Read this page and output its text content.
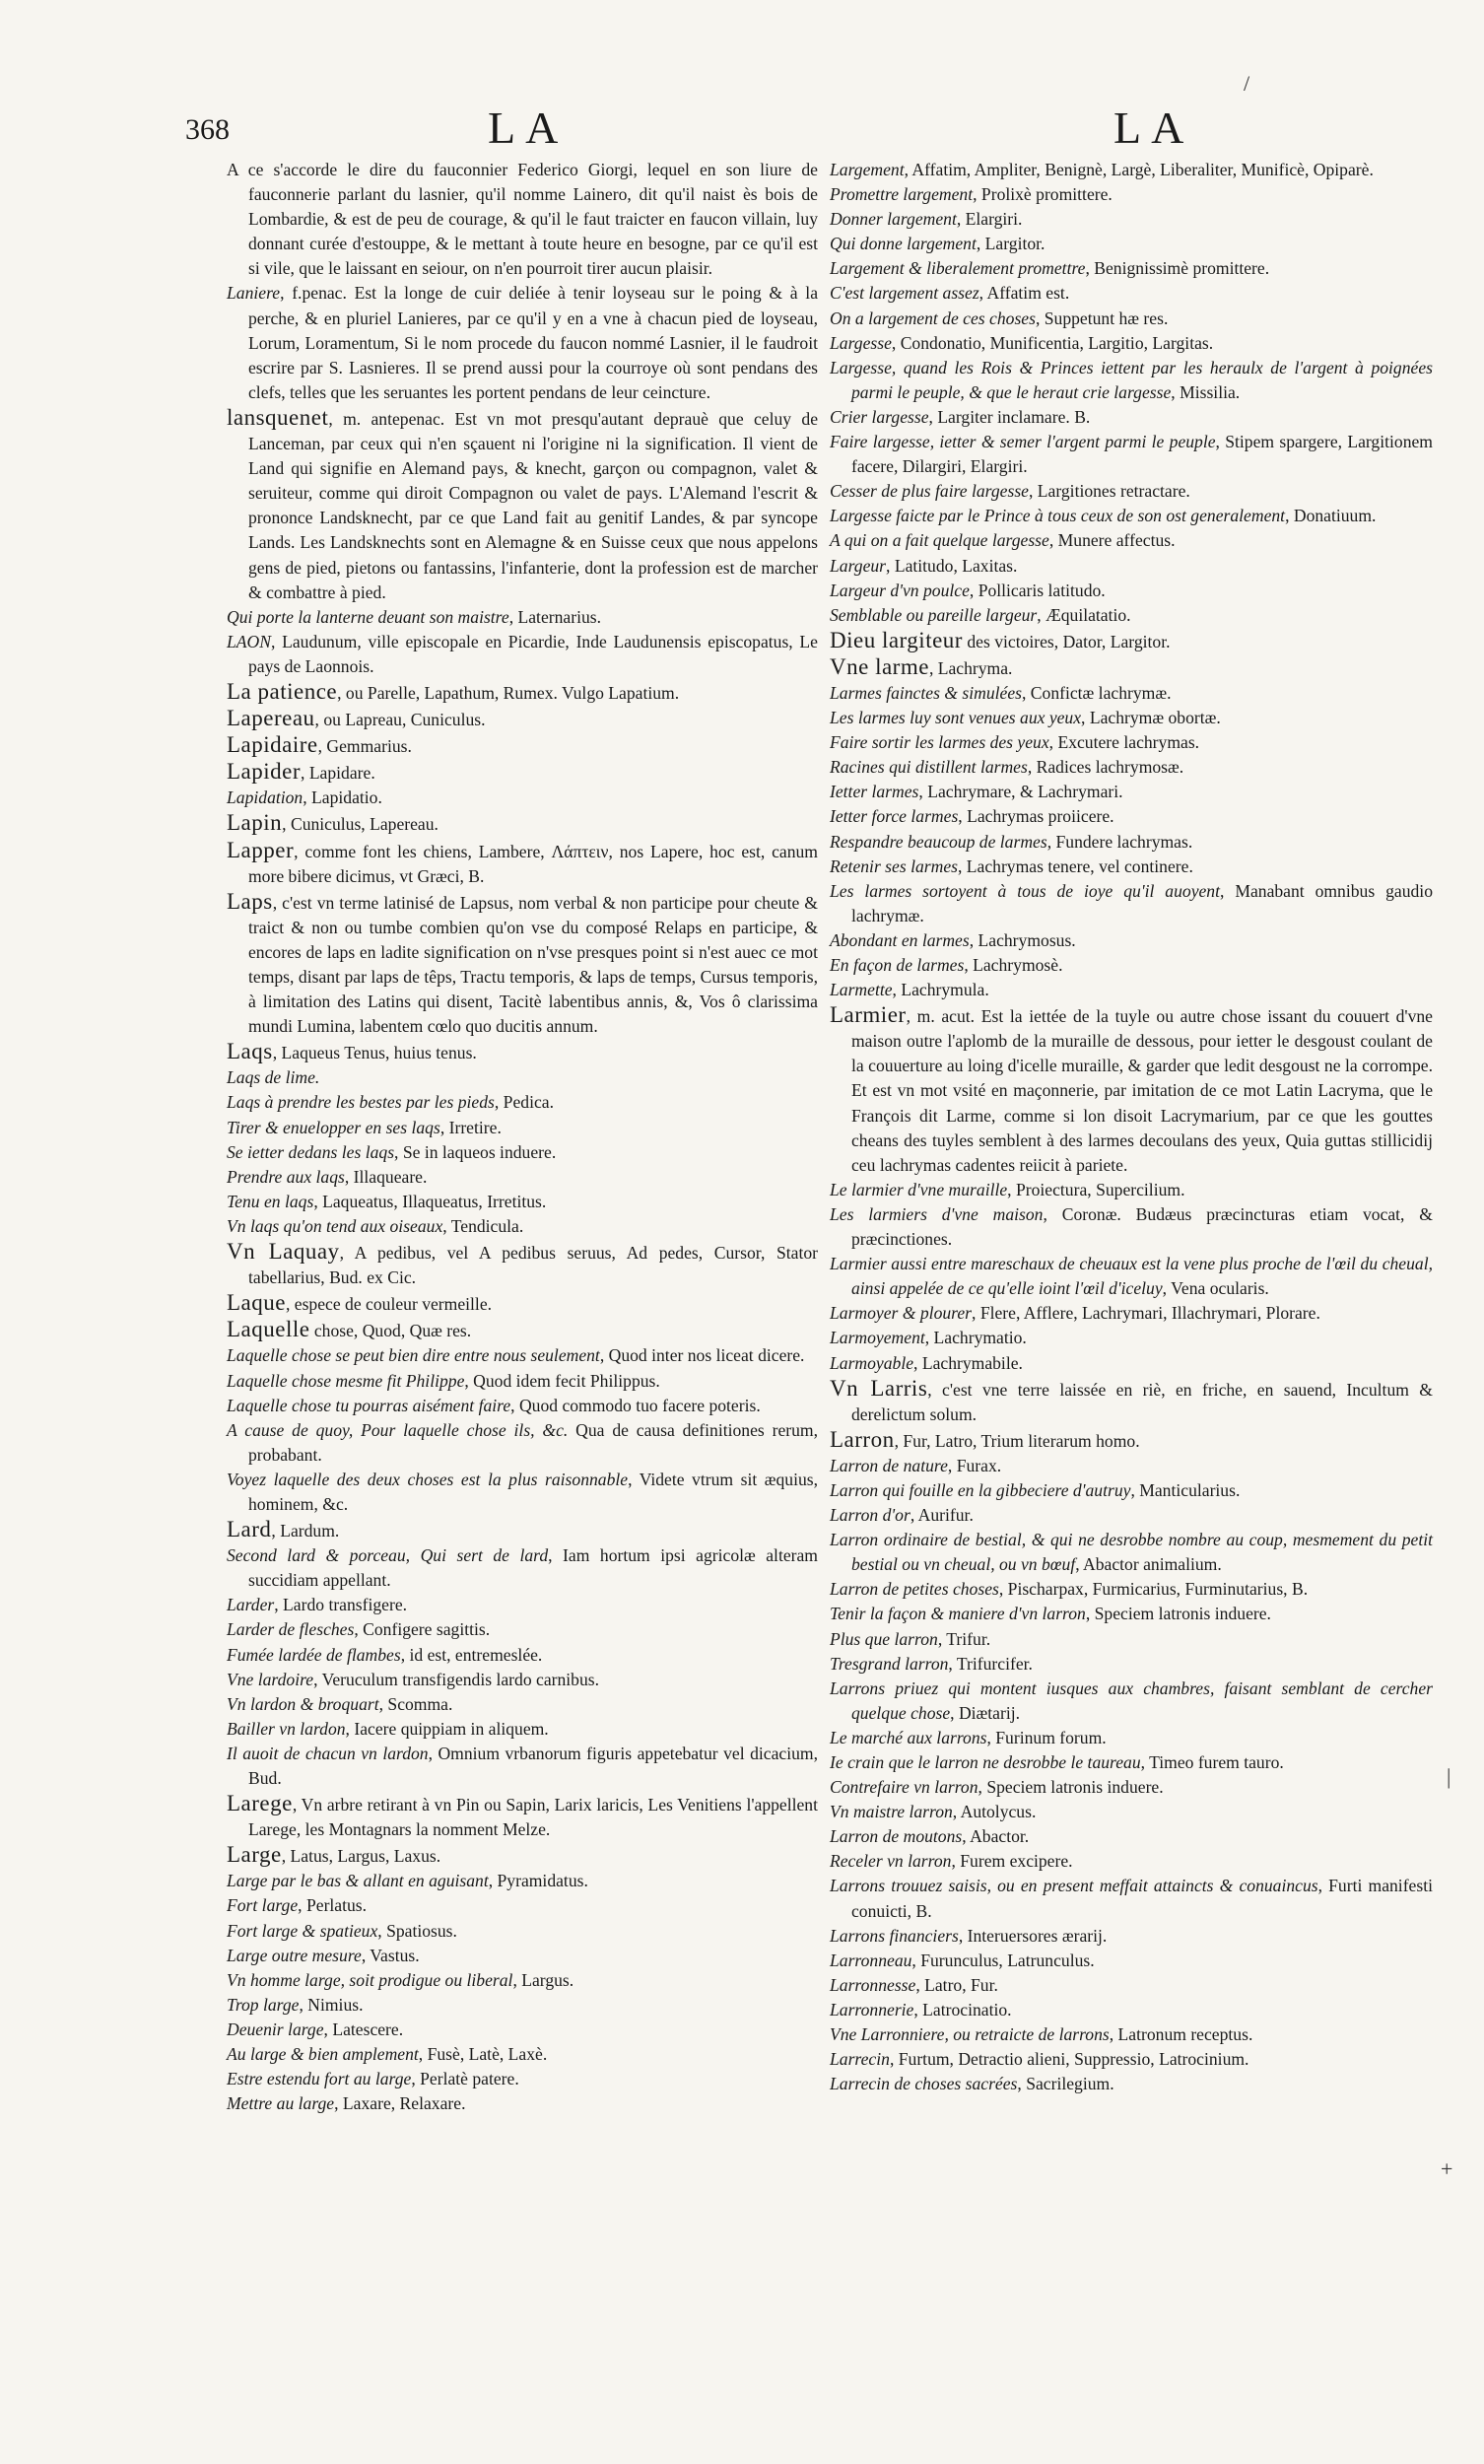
368	LA	LA
/
|
+

A ce s'accorde le dire du fauconnier Federico Giorgi, lequel en son liure de fauconnerie parlant du lasnier, qu'il nomme Lainero, dit qu'il naist ès bois de Lombardie, & est de peu de courage, & qu'il le faut traicter en faucon villain, luy donnant curée d'estouppe, & le mettant à toute heure en besogne, par ce qu'il est si vile, que le laissant en seiour, on n'en pourroit tirer aucun plaisir.

Laniere, f.penac. Est la longe de cuir deliée à tenir loyseau sur le poing & à la perche, & en pluriel Lanieres, par ce qu'il y en a vne à chacun pied de loyseau, Lorum, Loramentum, Si le nom procede du faucon nommé Lasnier, il le faudroit escrire par S. Lasnieres. Il se prend aussi pour la courroye où sont pendans des clefs, telles que les seruantes les portent pendans de leur ceincture.

lansquenet, m. antepenac. Est vn mot presqu'autant deprauè que celuy de Lanceman, par ceux qui n'en sçauent ni l'origine ni la signification. Il vient de Land qui signifie en Alemand pays, & knecht, garçon ou compagnon, valet & seruiteur, comme qui diroit Compagnon ou valet de pays. L'Alemand l'escrit & prononce Landsknecht, par ce que Land fait au genitif Landes, & par syncope Lands. Les Landsknechts sont en Alemagne & en Suisse ceux que nous appelons gens de pied, pietons ou fantassins, l'infanterie, dont la profession est de marcher & combattre à pied.

Qui porte la lanterne deuant son maistre, Laternarius.

LAON, Laudunum, ville episcopale en Picardie, Inde Laudunensis episcopatus, Le pays de Laonnois.

La patience, ou Parelle, Lapathum, Rumex. Vulgo Lapatium.

Lapereau, ou Lapreau, Cuniculus.

Lapidaire, Gemmarius.

Lapider, Lapidare.

Lapidation, Lapidatio.

Lapin, Cuniculus, Lapereau.

Lapper, comme font les chiens, Lambere, Λάπτειν, nos Lapere, hoc est, canum more bibere dicimus, vt Græci, B.

Laps, c'est vn terme latinisé de Lapsus, nom verbal & non participe pour cheute & traict & non ou tumbe combien qu'on vse du composé Relaps en participe, & encores de laps en ladite signification on n'vse presques point si n'est auec ce mot temps, disant par laps de têps, Tractu temporis, & laps de temps, Cursus temporis, à limitation des Latins qui disent, Tacitè labentibus annis, &, Vos ô clarissima mundi Lumina, labentem cœlo quo ducitis annum.

Laqs, Laqueus Tenus, huius tenus.

Laqs de lime.

Laqs à prendre les bestes par les pieds, Pedica.

Tirer & enuelopper en ses laqs, Irretire.

Se ietter dedans les laqs, Se in laqueos induere.

Prendre aux laqs, Illaqueare.

Tenu en laqs, Laqueatus, Illaqueatus, Irretitus.

Vn laqs qu'on tend aux oiseaux, Tendicula.

Vn Laquay, A pedibus, vel A pedibus seruus, Ad pedes, Cursor, Stator tabellarius, Bud. ex Cic.

Laque, espece de couleur vermeille.

Laquelle chose, Quod, Quæ res.

Laquelle chose se peut bien dire entre nous seulement, Quod inter nos liceat dicere.

Laquelle chose mesme fit Philippe, Quod idem fecit Philippus.

Laquelle chose tu pourras aisément faire, Quod commodo tuo facere poteris.

A cause de quoy, Pour laquelle chose ils, &c. Qua de causa definitiones rerum, probabant.

Voyez laquelle des deux choses est la plus raisonnable, Videte vtrum sit æquius, hominem, &c.

Lard, Lardum.

Second lard & porceau, Qui sert de lard, Iam hortum ipsi agricolæ alteram succidiam appellant.

Larder, Lardo transfigere.

Larder de flesches, Configere sagittis.

Fumée lardée de flambes, id est, entremeslée.

Vne lardoire, Veruculum transfigendis lardo carnibus.

Vn lardon & broquart, Scomma.

Bailler vn lardon, Iacere quippiam in aliquem.

Il auoit de chacun vn lardon, Omnium vrbanorum figuris appetebatur vel dicacium, Bud.

Larege, Vn arbre retirant à vn Pin ou Sapin, Larix laricis, Les Venitiens l'appellent Larege, les Montagnars la nomment Melze.

Large, Latus, Largus, Laxus.

Large par le bas & allant en aguisant, Pyramidatus.

Fort large, Perlatus.

Fort large & spatieux, Spatiosus.

Large outre mesure, Vastus.

Vn homme large, soit prodigue ou liberal, Largus.

Trop large, Nimius.

Deuenir large, Latescere.

Au large & bien amplement, Fusè, Latè, Laxè.

Estre estendu fort au large, Perlatè patere.

Mettre au large, Laxare, Relaxare.

Largement, Affatim, Ampliter, Benignè, Largè, Liberaliter, Munificè, Opiparè.

Promettre largement, Prolixè promittere.

Donner largement, Elargiri.

Qui donne largement, Largitor.

Largement & liberalement promettre, Benignissimè promittere.

C'est largement assez, Affatim est.

On a largement de ces choses, Suppetunt hæ res.

Largesse, Condonatio, Munificentia, Largitio, Largitas.

Largesse, quand les Rois & Princes iettent par les heraulx de l'argent à poignées parmi le peuple, & que le heraut crie largesse, Missilia.

Crier largesse, Largiter inclamare. B.

Faire largesse, ietter & semer l'argent parmi le peuple, Stipem spargere, Largitionem facere, Dilargiri, Elargiri.

Cesser de plus faire largesse, Largitiones retractare.

Largesse faicte par le Prince à tous ceux de son ost generalement, Donatiuum.

A qui on a fait quelque largesse, Munere affectus.

Largeur, Latitudo, Laxitas.

Largeur d'vn poulce, Pollicaris latitudo.

Semblable ou pareille largeur, Æquilatatio.

Dieu largiteur des victoires, Dator, Largitor.

Vne larme, Lachryma.

Larmes fainctes & simulées, Confictæ lachrymæ.

Les larmes luy sont venues aux yeux, Lachrymæ obortæ.

Faire sortir les larmes des yeux, Excutere lachrymas.

Racines qui distillent larmes, Radices lachrymosæ.

Ietter larmes, Lachrymare, & Lachrymari.

Ietter force larmes, Lachrymas proiicere.

Respandre beaucoup de larmes, Fundere lachrymas.

Retenir ses larmes, Lachrymas tenere, vel continere.

Les larmes sortoyent à tous de ioye qu'il auoyent, Manabant omnibus gaudio lachrymæ.

Abondant en larmes, Lachrymosus.

En façon de larmes, Lachrymosè.

Larmette, Lachrymula.

Larmier, m. acut. Est la iettée de la tuyle ou autre chose issant du couuert d'vne maison outre l'aplomb de la muraille de dessous, pour ietter le desgoust coulant de la couuerture au loing d'icelle muraille, & garder que ledit desgoust ne la corrompe. Et est vn mot vsité en maçonnerie, par imitation de ce mot Latin Lacryma, que le François dit Larme, comme si lon disoit Lacrymarium, par ce que les gouttes cheans des tuyles semblent à des larmes decoulans des yeux, Quia guttas stillicidij ceu lachrymas cadentes reiicit à pariete.

Le larmier d'vne muraille, Proiectura, Supercilium.

Les larmiers d'vne maison, Coronæ. Budæus præcincturas etiam vocat, & præcinctiones.

Larmier aussi entre mareschaux de cheuaux est la vene plus proche de l'œil du cheual, ainsi appelée de ce qu'elle ioint l'œil d'iceluy, Vena ocularis.

Larmoyer & plourer, Flere, Afflere, Lachrymari, Illachrymari, Plorare.

Larmoyement, Lachrymatio.

Larmoyable, Lachrymabile.

Vn Larris, c'est vne terre laissée en riè, en friche, en sauend, Incultum & derelictum solum.

Larron, Fur, Latro, Trium literarum homo.

Larron de nature, Furax.

Larron qui fouille en la gibbeciere d'autruy, Manticularius.

Larron d'or, Aurifur.

Larron ordinaire de bestial, & qui ne desrobbe nombre au coup, mesmement du petit bestial ou vn cheual, ou vn bœuf, Abactor animalium.

Larron de petites choses, Pischarpax, Furmicarius, Furminutarius, B.

Tenir la façon & maniere d'vn larron, Speciem latronis induere.

Plus que larron, Trifur.

Tresgrand larron, Trifurcifer.

Larrons priuez qui montent iusques aux chambres, faisant semblant de cercher quelque chose, Diætarij.

Le marché aux larrons, Furinum forum.

Ie crain que le larron ne desrobbe le taureau, Timeo furem tauro.

Contrefaire vn larron, Speciem latronis induere.

Vn maistre larron, Autolycus.

Larron de moutons, Abactor.

Receler vn larron, Furem excipere.

Larrons trouuez saisis, ou en present meffait attaincts & conuaincus, Furti manifesti conuicti, B.

Larrons financiers, Interuersores ærarij.

Larronneau, Furunculus, Latrunculus.

Larronnesse, Latro, Fur.

Larronnerie, Latrocinatio.

Vne Larronniere, ou retraicte de larrons, Latronum receptus.

Larrecin, Furtum, Detractio alieni, Suppressio, Latrocinium.

Larrecin de choses sacrées, Sacrilegium.
